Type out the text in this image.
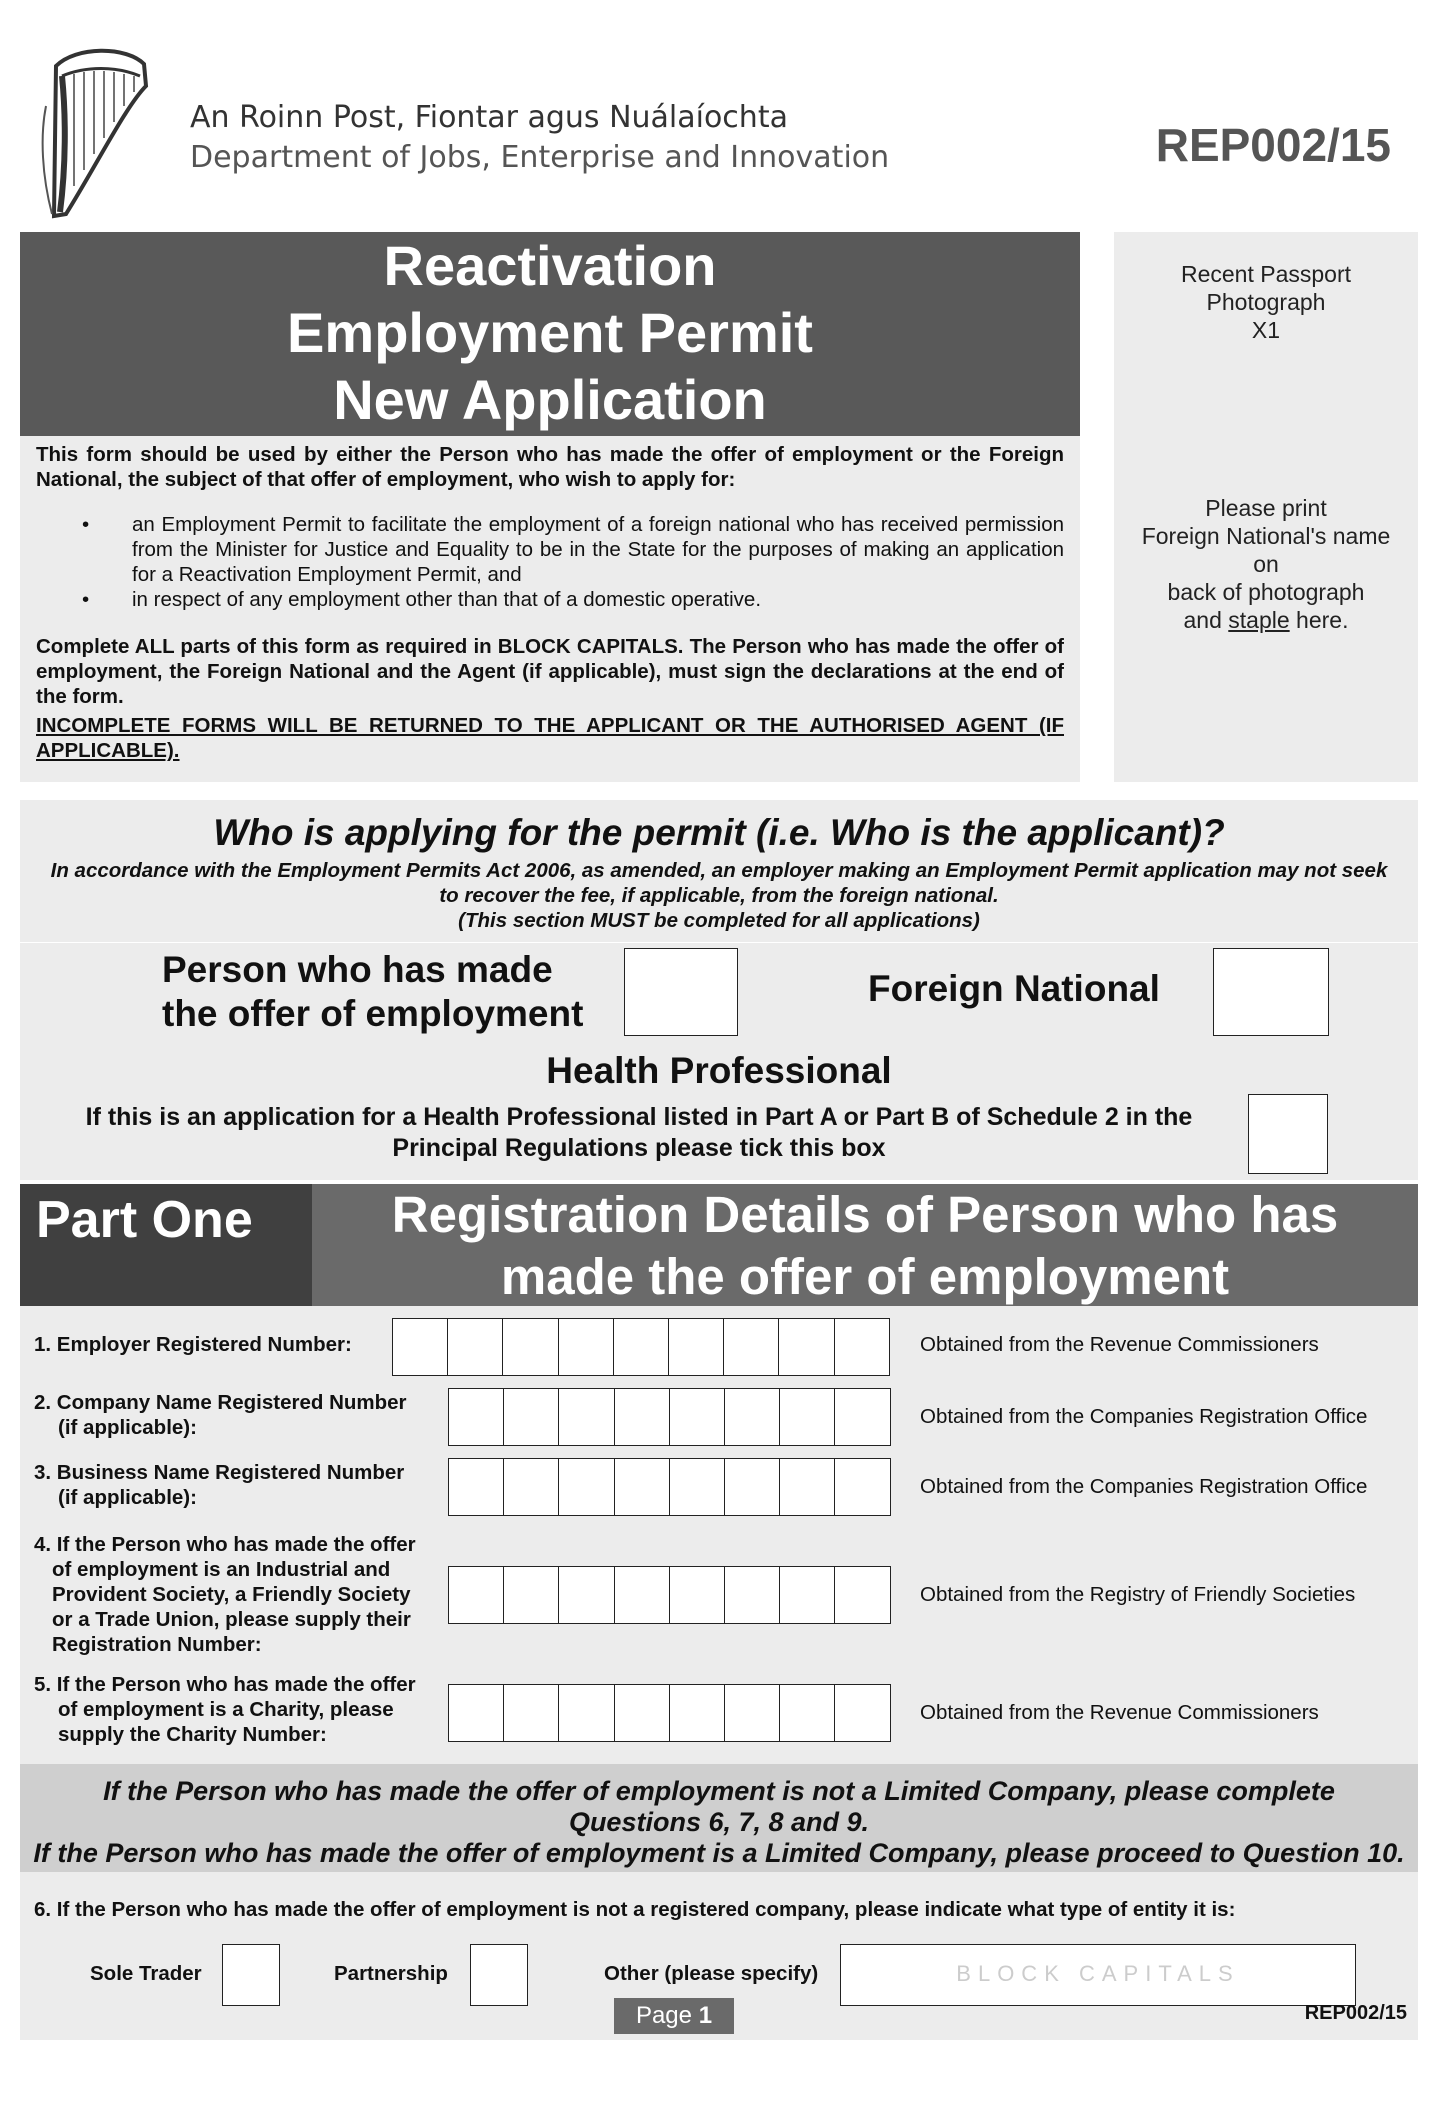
An Roinn Post, Fiontar agus Nuálaíochta
Department of Jobs, Enterprise and Innovation	REP002/15
Reactivation
Employment Permit
New Application

This form should be used by either the Person who has made the offer of employment or the Foreign National, the subject of that offer of employment, who wish to apply for:

• an Employment Permit to facilitate the employment of a foreign national who has received permission from the Minister for Justice and Equality to be in the State for the purposes of making an application for a Reactivation Employment Permit, and
• in respect of any employment other than that of a domestic operative.

Complete ALL parts of this form as required in BLOCK CAPITALS. The Person who has made the offer of employment, the Foreign National and the Agent (if applicable), must sign the declarations at the end of the form.

INCOMPLETE FORMS WILL BE RETURNED TO THE APPLICANT OR THE AUTHORISED AGENT (IF APPLICABLE).
Recent Passport
Photograph
X1
Please print
Foreign National's name
on
back of photograph
and staple here.
Who is applying for the permit (i.e. Who is the applicant)?
In accordance with the Employment Permits Act 2006, as amended, an employer making an Employment Permit application may not seek to recover the fee, if applicable, from the foreign national.
(This section MUST be completed for all applications)
Person who has made
the offer of employment
Foreign National
Health Professional
If this is an application for a Health Professional listed in Part A or Part B of Schedule 2 in the Principal Regulations please tick this box
Part One	Registration Details of Person who has
made the offer of employment
1. Employer Registered Number:	Obtained from the Revenue Commissioners
2. Company Name Registered Number
(if applicable):	Obtained from the Companies Registration Office
3. Business Name Registered Number
(if applicable):	Obtained from the Companies Registration Office
4. If the Person who has made the offer
of employment is an Industrial and
Provident Society, a Friendly Society
or a Trade Union, please supply their
Registration Number:
Obtained from the Registry of Friendly Societies
5. If the Person who has made the offer
of employment is a Charity, please
supply the Charity Number:
Obtained from the Revenue Commissioners
If the Person who has made the offer of employment is not a Limited Company, please complete
Questions 6, 7, 8 and 9.
If the Person who has made the offer of employment is a Limited Company, please proceed to Question 10.
6. If the Person who has made the offer of employment is not a registered company, please indicate what type of entity it is:
Sole Trader	Partnership	Other (please specify)	BLOCK CAPITALS
Page 1	REP002/15
